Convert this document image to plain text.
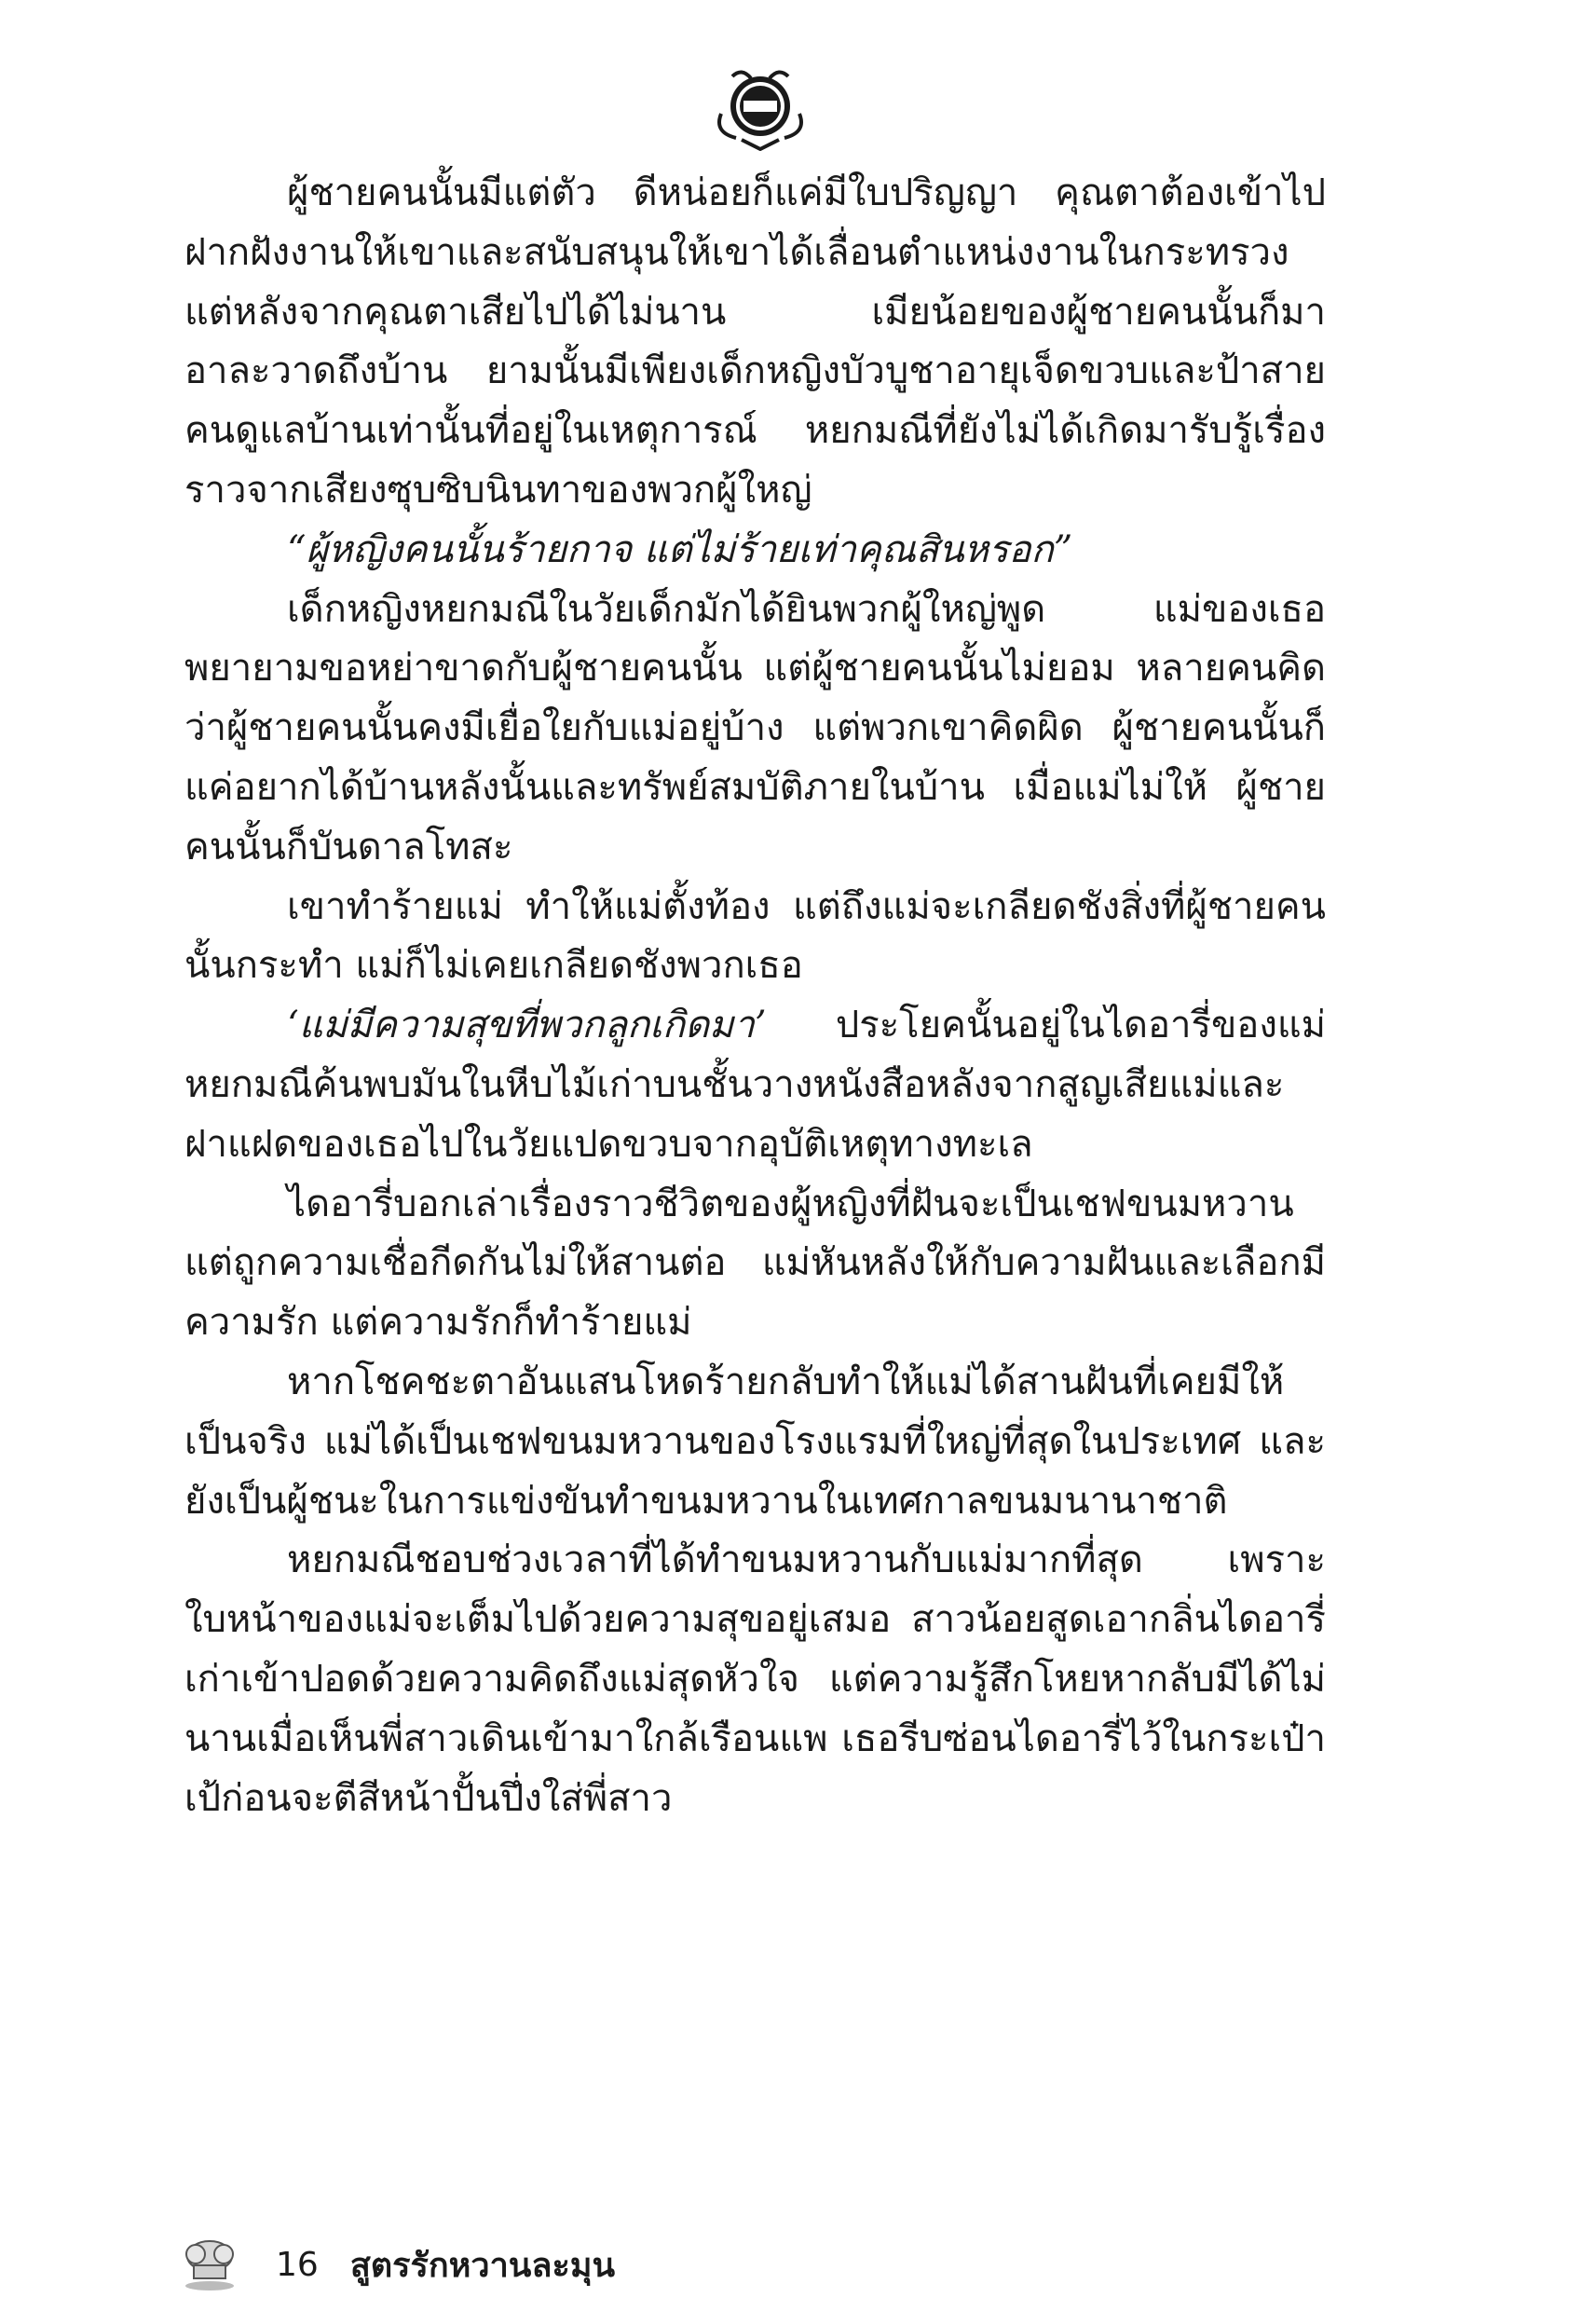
ผู้ชายคนนั้นมีแต่ตัว ดีหน่อยก็แค่มีใบปริญญา คุณตาต้องเข้าไปฝากฝังงานให้เขาและสนับสนุนให้เขาได้เลื่อนตำแหน่งงานในกระทรวง แต่หลังจากคุณตาเสียไปได้ไม่นาน เมียน้อยของผู้ชายคนนั้นก็มาอาละวาดถึงบ้าน ยามนั้นมีเพียงเด็กหญิงบัวบูชาอายุเจ็ดขวบและป้าสายคนดูแลบ้านเท่านั้นที่อยู่ในเหตุการณ์ หยกมณีที่ยังไม่ได้เกิดมารับรู้เรื่องราวจากเสียงซุบซิบนินทาของพวกผู้ใหญ่

“ผู้หญิงคนนั้นร้ายกาจ แต่ไม่ร้ายเท่าคุณสินหรอก”

เด็กหญิงหยกมณีในวัยเด็กมักได้ยินพวกผู้ใหญ่พูด แม่ของเธอพยายามขอหย่าขาดกับผู้ชายคนนั้น แต่ผู้ชายคนนั้นไม่ยอม หลายคนคิดว่าผู้ชายคนนั้นคงมีเยื่อใยกับแม่อยู่บ้าง แต่พวกเขาคิดผิด ผู้ชายคนนั้นก็แค่อยากได้บ้านหลังนั้นและทรัพย์สมบัติภายในบ้าน เมื่อแม่ไม่ให้ ผู้ชายคนนั้นก็บันดาลโทสะ

เขาทำร้ายแม่ ทำให้แม่ตั้งท้อง แต่ถึงแม่จะเกลียดชังสิ่งที่ผู้ชายคนนั้นกระทำ แม่ก็ไม่เคยเกลียดชังพวกเธอ

‘แม่มีความสุขที่พวกลูกเกิดมา’ ประโยคนั้นอยู่ในไดอารี่ของแม่ หยกมณีค้นพบมันในหีบไม้เก่าบนชั้นวางหนังสือหลังจากสูญเสียแม่และฝาแฝดของเธอไปในวัยแปดขวบจากอุบัติเหตุทางทะเล

ไดอารี่บอกเล่าเรื่องราวชีวิตของผู้หญิงที่ฝันจะเป็นเชฟขนมหวาน แต่ถูกความเชื่อกีดกันไม่ให้สานต่อ แม่หันหลังให้กับความฝันและเลือกมีความรัก แต่ความรักก็ทำร้ายแม่

หากโชคชะตาอันแสนโหดร้ายกลับทำให้แม่ได้สานฝันที่เคยมีให้เป็นจริง แม่ได้เป็นเชฟขนมหวานของโรงแรมที่ใหญ่ที่สุดในประเทศ และยังเป็นผู้ชนะในการแข่งขันทำขนมหวานในเทศกาลขนมนานาชาติ

หยกมณีชอบช่วงเวลาที่ได้ทำขนมหวานกับแม่มากที่สุด เพราะใบหน้าของแม่จะเต็มไปด้วยความสุขอยู่เสมอ สาวน้อยสูดเอากลิ่นไดอารี่เก่าเข้าปอดด้วยความคิดถึงแม่สุดหัวใจ แต่ความรู้สึกโหยหากลับมีได้ไม่นานเมื่อเห็นพี่สาวเดินเข้ามาใกล้เรือนแพ เธอรีบซ่อนไดอารี่ไว้ในกระเป๋าเป้ก่อนจะตีสีหน้าปั้นปึ่งใส่พี่สาว

16 สูตรรักหวานละมุน
